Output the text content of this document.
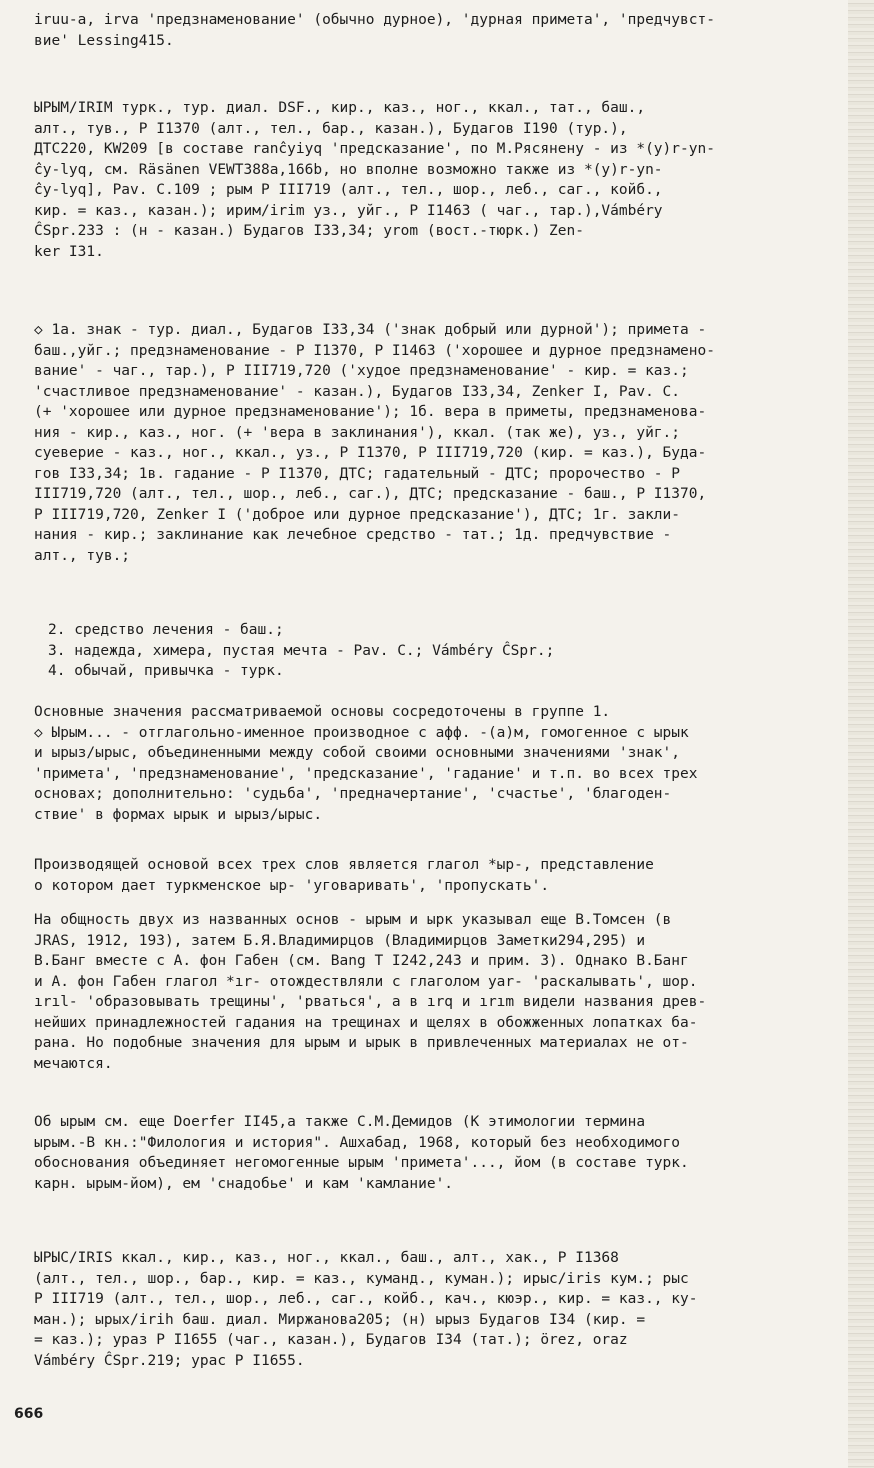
iruu-a, irva 'предзнаменование' (обычно дурное), 'дурная примета', 'предчувст-
вие' Lessing415.

ЫРЫМ/IRIM турк., тур. диал. DSF., кир., каз., ног., ккал., тат., баш.,
алт., тув., Р I1370 (алт., тел., бар., казан.), Будагов I190 (тур.),
ДТС220, KW209 [в составе ranĉyiyq 'предсказание', по М.Рясянену - из *(y)r-yn-
ĉy-lyq, см. Räsänen VEWT388a,166b, но вполне возможно также из *(y)r-yn-
ĉy-lyq], Pav. C.109 ; рым Р III719 (алт., тел., шор., леб., саг., койб.,
кир. = каз., казан.); ирим/irim уз., уйг., Р I1463 ( чаг., тар.),Vámbéry
ĈSpr.233 : (н - казан.) Будагов I33,34; yrom (вост.-тюрк.) Zen-
ker I31.

◇ 1а. знак - тур. диал., Будагов I33,34 ('знак добрый или дурной'); примета -
баш.,уйг.; предзнаменование - Р I1370, Р I1463 ('хорошее и дурное предзнамено-
вание' - чаг., тар.), Р III719,720 ('худое предзнаменование' - кир. = каз.;
'счастливое предзнаменование' - казан.), Будагов I33,34, Zenker I, Pav. C.
(+ 'хорошее или дурное предзнаменование'); 1б. вера в приметы, предзнаменова-
ния - кир., каз., ног. (+ 'вера в заклинания'), ккал. (так же), уз., уйг.;
суеверие - каз., ног., ккал., уз., Р I1370, Р III719,720 (кир. = каз.), Буда-
гов I33,34; 1в. гадание - Р I1370, ДТС; гадательный - ДТС; пророчество - Р
III719,720 (алт., тел., шор., леб., саг.), ДТС; предсказание - баш., Р I1370,
Р III719,720, Zenker I ('доброе или дурное предсказание'), ДТС; 1г. закли-
нания - кир.; заклинание как лечебное средство - тат.; 1д. предчувствие -
алт., тув.;

2. средство лечения - баш.;
3. надежда, химера, пустая мечта - Pav. C.; Vámbéry ĈSpr.;
4. обычай, привычка - турк.

Основные значения рассматриваемой основы сосредоточены в группе 1.
◇ Ырым... - отглагольно-именное производное с афф. -(а)м, гомогенное с ырык
и ырыз/ырыс, объединенными между собой своими основными значениями 'знак',
'примета', 'предзнаменование', 'предсказание', 'гадание' и т.п. во всех трех
основах; дополнительно: 'судьба', 'предначертание', 'счастье', 'благоден-
ствие' в формах ырык и ырыз/ырыс.

Производящей основой всех трех слов является глагол *ыр-, представление
о котором дает туркменское ыр- 'уговаривать', 'пропускать'.

На общность двух из названных основ - ырым и ырк указывал еще В.Томсен (в
JRAS, 1912, 193), затем Б.Я.Владимирцов (Владимирцов Заметки294,295) и
В.Банг вместе с А. фон Габен (см. Bang T I242,243 и прим. 3). Однако В.Банг
и А. фон Габен глагол *ır- отождествляли с глаголом yar- 'раскалывать', шор.
ırıl- 'образовывать трещины', 'рваться', а в ırq и ırım видели названия древ-
нейших принадлежностей гадания на трещинах и щелях в обожженных лопатках ба-
рана. Но подобные значения для ырым и ырык в привлеченных материалах не от-
мечаются.

Об ырым см. еще Doerfer II45,а также С.М.Демидов (К этимологии термина
ырым.-В кн.:"Филология и история". Ашхабад, 1968, который без необходимого
обоснования объединяет негомогенные ырым 'примета'..., йом (в составе турк.
карн. ырым-йом), ем 'снадобье' и кам 'камлание'.

ЫРЫС/IRIS ккал., кир., каз., ног., ккал., баш., алт., хак., Р I1368
(алт., тел., шор., бар., кир. = каз., куманд., куман.); ирыс/iris кум.; рыс
Р III719 (алт., тел., шор., леб., саг., койб., кач., кюэр., кир. = каз., ку-
ман.); ырых/irih баш. диал. Миржанова205; (н) ырыз Будагов I34 (кир. =
= каз.); ураз Р I1655 (чаг., казан.), Будагов I34 (тат.); örez, oraz
Vámbéry ĈSpr.219; урас Р I1655.

666
